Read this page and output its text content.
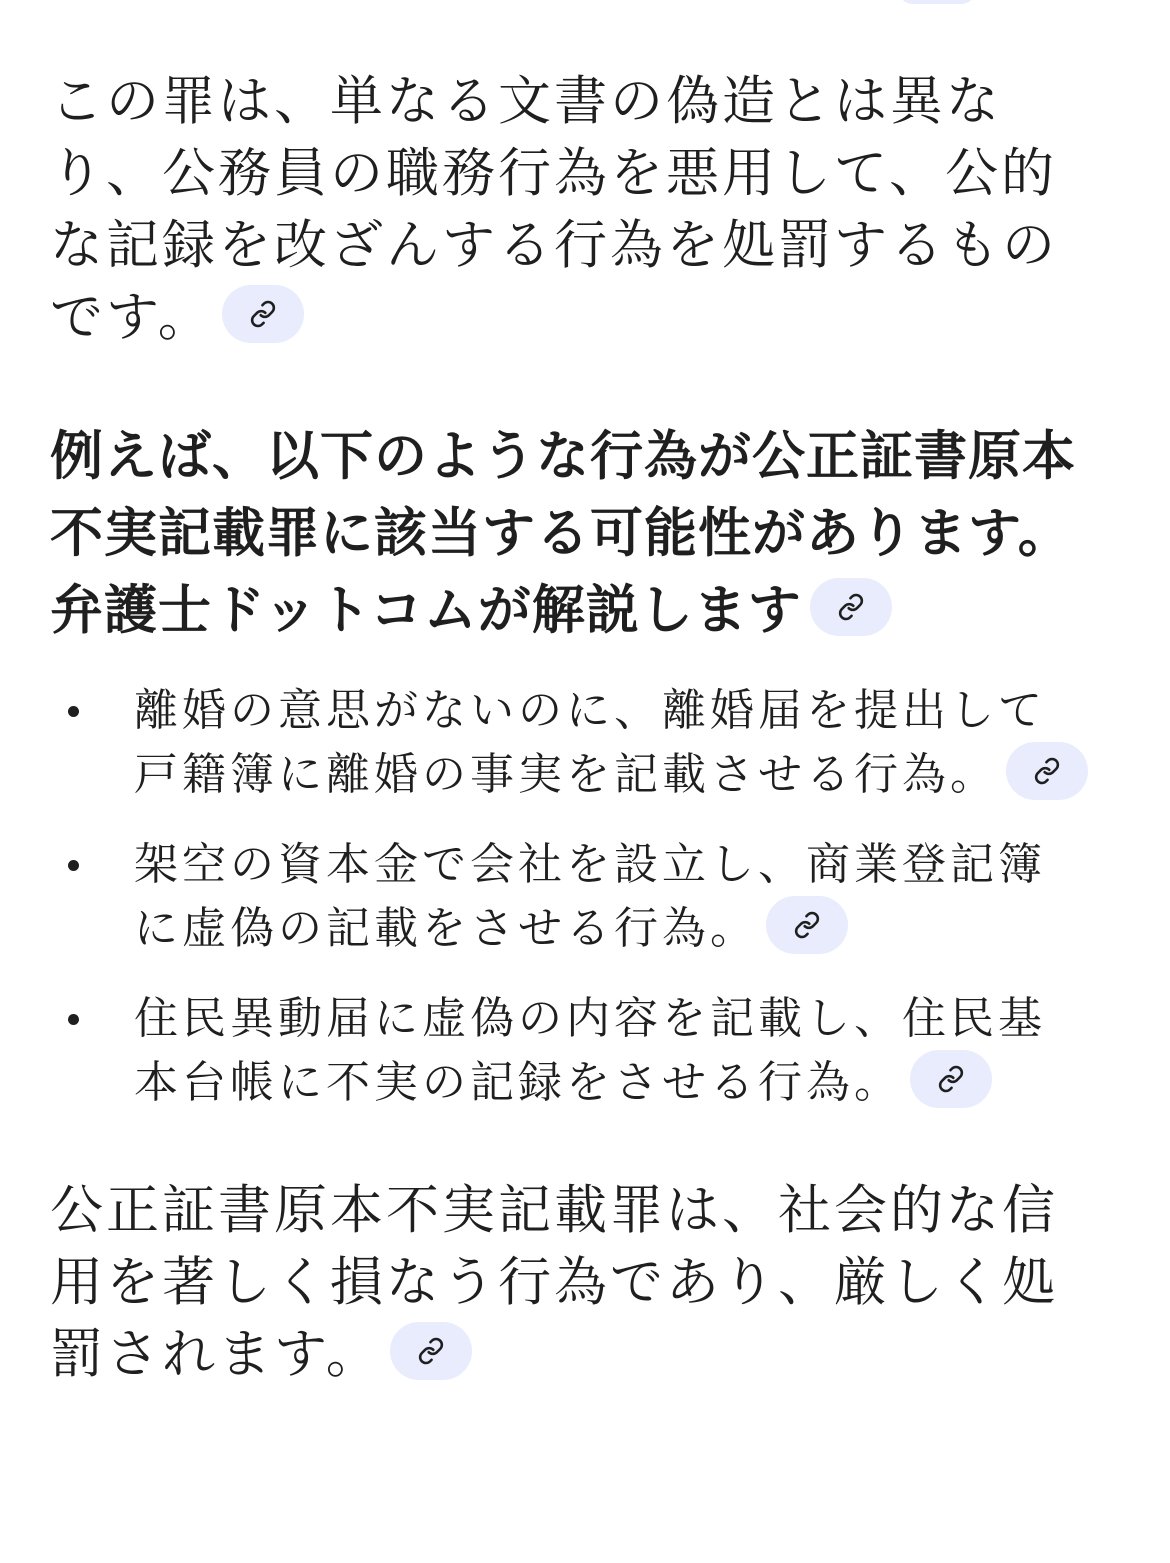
この罪は、単なる文書の偽造とは異なり、公務員の職務行為を悪用して、公的な記録を改ざんする行為を処罰するものです。

例えば、以下のような行為が公正証書原本不実記載罪に該当する可能性があります。弁護士ドットコムが解説します

離婚の意思がないのに、離婚届を提出して戸籍簿に離婚の事実を記載させる行為。
架空の資本金で会社を設立し、商業登記簿に虚偽の記載をさせる行為。
住民異動届に虚偽の内容を記載し、住民基本台帳に不実の記録をさせる行為。

公正証書原本不実記載罪は、社会的な信用を著しく損なう行為であり、厳しく処罰されます。
